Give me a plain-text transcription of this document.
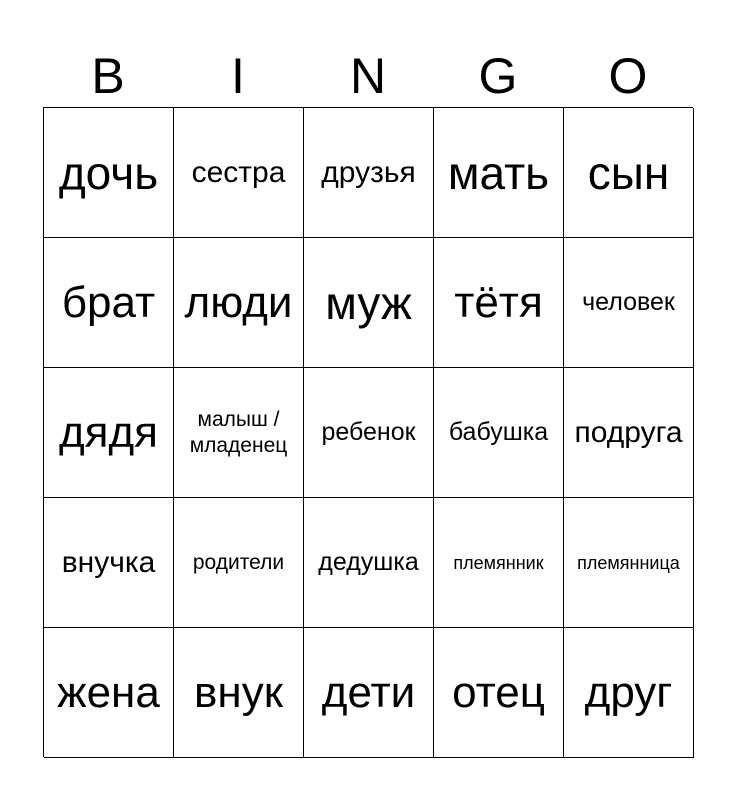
B	I	N	G	O
дочь сестра друзья мать сын
брат люди муж тётя человек
дядя	малыш / младенец	ребенок бабушка подруга
внучка родители дедушка племянник племянница
жена внук дети отец друг
